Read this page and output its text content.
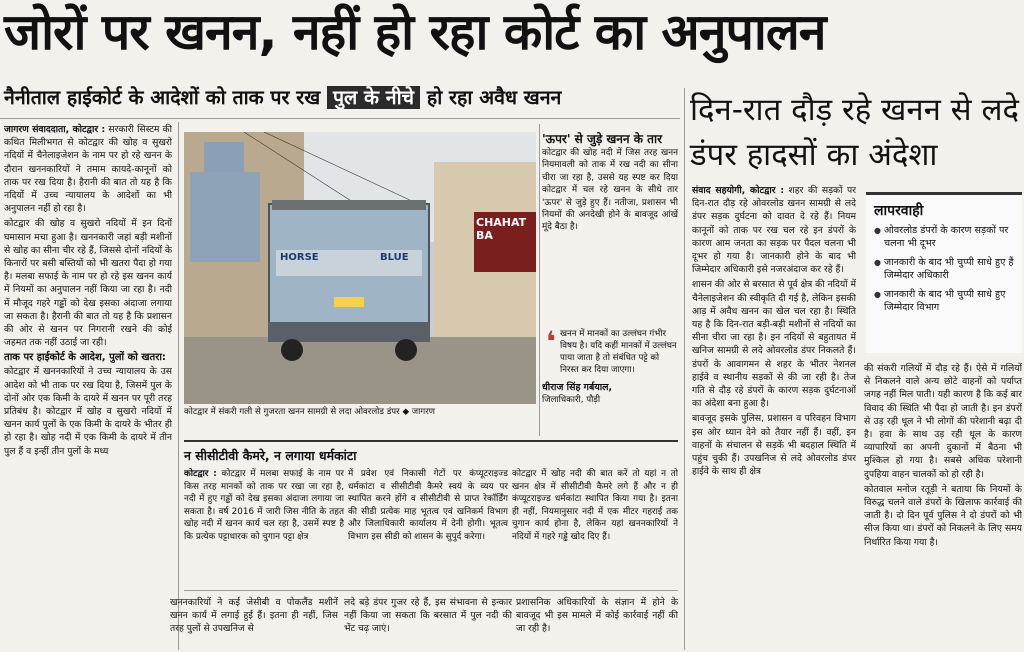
जोरों पर खनन, नहीं हो रहा कोर्ट का अनुपालन
नैनीताल हाईकोर्ट के आदेशों को ताक पर रख पुल के नीचे हो रहा अवैध खनन	दिन-रात दौड़ रहे खनन से लदे डंपर हादसों का अंदेशा

जागरण संवाददाता, कोटद्वार : सरकारी सिस्टम की कथित मिलीभगत से कोटद्वार की खोह व सुखरो नदियों में चैनेलाइजेशन के नाम पर हो रहे खनन के दौरान खननकारियों ने तमाम कायदे-कानूनों को ताक पर रख दिया है। हैरानी की बात तो यह है कि नदियों में उच्च न्यायालय के आदेशों का भी अनुपालन नहीं हो रहा है।

कोटद्वार की खोह व सुखरो नदियों में इन दिनों घमासान मचा हुआ है। खननकारी जहां बड़ी मशीनों से खोह का सीना चीर रहे हैं, जिससे दोनों नदियों के किनारों पर बसी बस्तियों को भी खतरा पैदा हो गया है। मलबा सफाई के नाम पर हो रहे इस खनन कार्य में नियमों का अनुपालन नहीं किया जा रहा है। नदी में मौजूद गहरे गड्ढों को देख इसका अंदाजा लगाया जा सकता है। हैरानी की बात तो यह है कि प्रशासन की ओर से खनन पर निगरानी रखने की कोई जहमत तक नहीं उठाई जा रही।

ताक पर हाईकोर्ट के आदेश, पुलों को खतरा:

कोटद्वार में खननकारियों ने उच्च न्यायालय के उस आदेश को भी ताक पर रख दिया है, जिसमें पुल के दोनों ओर एक किमी के दायरे में खनन पर पूरी तरह प्रतिबंध है। कोटद्वार में खोह व सुखरो नदियों में खनन कार्य पुलों के एक किमी के दायरे के भीतर ही हो रहा है। खोह नदी में एक किमी के दायरे में तीन पुल हैं व इन्हीं तीन पुलों के मध्य

HORSE	BLUE
CHAHAT BA
कोटद्वार में संकरी गली से गुजरता खनन सामग्री से लदा ओवरलोड डंपर ◆ जागरण
'ऊपर' से जुड़े खनन के तार

कोटद्वार की खोह नदी में जिस तरह खनन नियमावली को ताक में रख नदी का सीना चीरा जा रहा है, उससे यह स्पष्ट कर दिया कोटद्वार में चल रहे खनन के सीधे तार 'ऊपर' से जुड़े हुए हैं। नतीजा, प्रशासन भी नियमों की अनदेखी होने के बावजूद आंखें मूंदे बैठा है।

❛ खनन में मानकों का उल्लंघन गंभीर विषय है। यदि कहीं मानकों में उल्लंघन पाया जाता है तो संबंधित पट्टे को निरस्त कर दिया जाएगा।
धीराज सिंह गर्बयाल,
जिलाधिकारी, पौड़ी
न सीसीटीवी कैमरे, न लगाया धर्मकांटा
कोटद्वार : कोटद्वार में मलबा सफाई के नाम पर किस तरह मानकों को ताक पर रखा जा रहा है, नदी में हुए गड्ढों को देख इसका अंदाजा लगाया जा सकता है। वर्ष 2016 में जारी जिस नीति के तहत खोह नदी में खनन कार्य चल रहा है, उसमें स्पष्ट है कि प्रत्येक पट्टाधारक को चुगान पट्टा क्षेत्र
में प्रवेश एवं निकासी गेटों पर कंप्यूटराइज्ड धर्मकांटा व सीसीटीवी कैमरे स्वयं के व्यय पर स्थापित करने होंगे व सीसीटीवी से प्राप्त रेकॉर्डिंग की सीडी प्रत्येक माह भूतत्व एवं खनिकर्म विभाग और जिलाधिकारी कार्यालय में देनी होगी। भूतत्व विभाग इस सीडी को शासन के सुपुर्द करेगा।
कोटद्वार में खोह नदी की बात करें तो यहां न तो खनन क्षेत्र में सीसीटीवी कैमरे लगे हैं और न ही कंप्यूटराइज्ड धर्मकांटा स्थापित किया गया है। इतना ही नहीं, नियमानुसार नदी में एक मीटर गहराई तक चुगान कार्य होना है, लेकिन यहां खननकारियों ने नदियों में गहरे गड्ढे खोद दिए हैं।
खननकारियों ने कई जेसीबी व पोकलैंड मशीनें खनन कार्य में लगाई हुई हैं। इतना ही नहीं, जिस तरह पुलों से उपखनिज से
लदे बड़े डंपर गुजर रहे हैं, इस संभावना से इन्कार नहीं किया जा सकता कि बरसात में पुल नदी की भेंट चढ़ जाएं।
प्रशासनिक अधिकारियों के संज्ञान में होने के बावजूद भी इस मामले में कोई कार्रवाई नहीं की जा रही है।

संवाद सहयोगी, कोटद्वार : शहर की सड़कों पर दिन-रात दौड़ रहे ओवरलोड खनन सामग्री से लदे डंपर सड़क दुर्घटना को दावत दे रहे हैं। नियम कानूनों को ताक पर रख चल रहे इन डंपरों के कारण आम जनता का सड़क पर पैदल चलना भी दूभर हो गया है। जानकारी होने के बाद भी जिम्मेदार अधिकारी इसे नजरअंदाज कर रहे हैं।

शासन की ओर से बरसात से पूर्व क्षेत्र की नदियों में चैनेलाइजेशन की स्वीकृति दी गई है, लेकिन इसकी आड़ में अवैध खनन का खेल चल रहा है। स्थिति यह है कि दिन-रात बड़ी-बड़ी मशीनों से नदियों का सीना चीरा जा रहा है। इन नदियों से बहुतायत में खनिज सामग्री से लदे ओवरलोड डंपर निकलते हैं। डंपरों के आवागमन से शहर के भीतर नेशनल हाईवे व स्थानीय सड़कों से की जा रही है। तेज गति से दौड़ रहे डंपरों के कारण सड़क दुर्घटनाओं का अंदेशा बना हुआ है।

बावजूद इसके पुलिस, प्रशासन व परिवहन विभाग इस ओर ध्यान देने को तैयार नहीं हैं। वहीं, इन वाहनों के संचालन से सड़कें भी बदहाल स्थिति में पहुंच चुकी हैं। उपखनिज से लदे ओवरलोड डंपर हाईवे के साथ ही क्षेत्र

लापरवाही
● ओवरलोड डंपरों के कारण सड़कों पर चलना भी दूभर
● जानकारी के बाद भी चुप्पी साधे हुए हैं जिम्मेदार अधिकारी
● जानकारी के बाद भी चुप्पी साधे हुए जिम्मेदार विभाग

की संकरी गलियों में दौड़ रहे हैं। ऐसे में गलियों से निकलने वाले अन्य छोटे वाहनों को पर्याप्त जगह नहीं मिल पाती। यही कारण है कि कई बार विवाद की स्थिति भी पैदा हो जाती है। इन डंपरों से उड़ रही धूल ने भी लोगों की परेशानी बढ़ा दी है। हवा के साथ उड़ रही धूल के कारण व्यापारियों का अपनी दुकानों में बैठना भी मुश्किल हो गया है। सबसे अधिक परेशानी दुपहिया वाहन चालकों को हो रही है।

कोतवाल मनोज रतूड़ी ने बताया कि नियमों के विरुद्ध चलने वाले डंपरों के खिलाफ कार्रवाई की जाती है। दो दिन पूर्व पुलिस ने दो डंपरों को भी सीज किया था। डंपरों को निकलने के लिए समय निर्धारित किया गया है।
